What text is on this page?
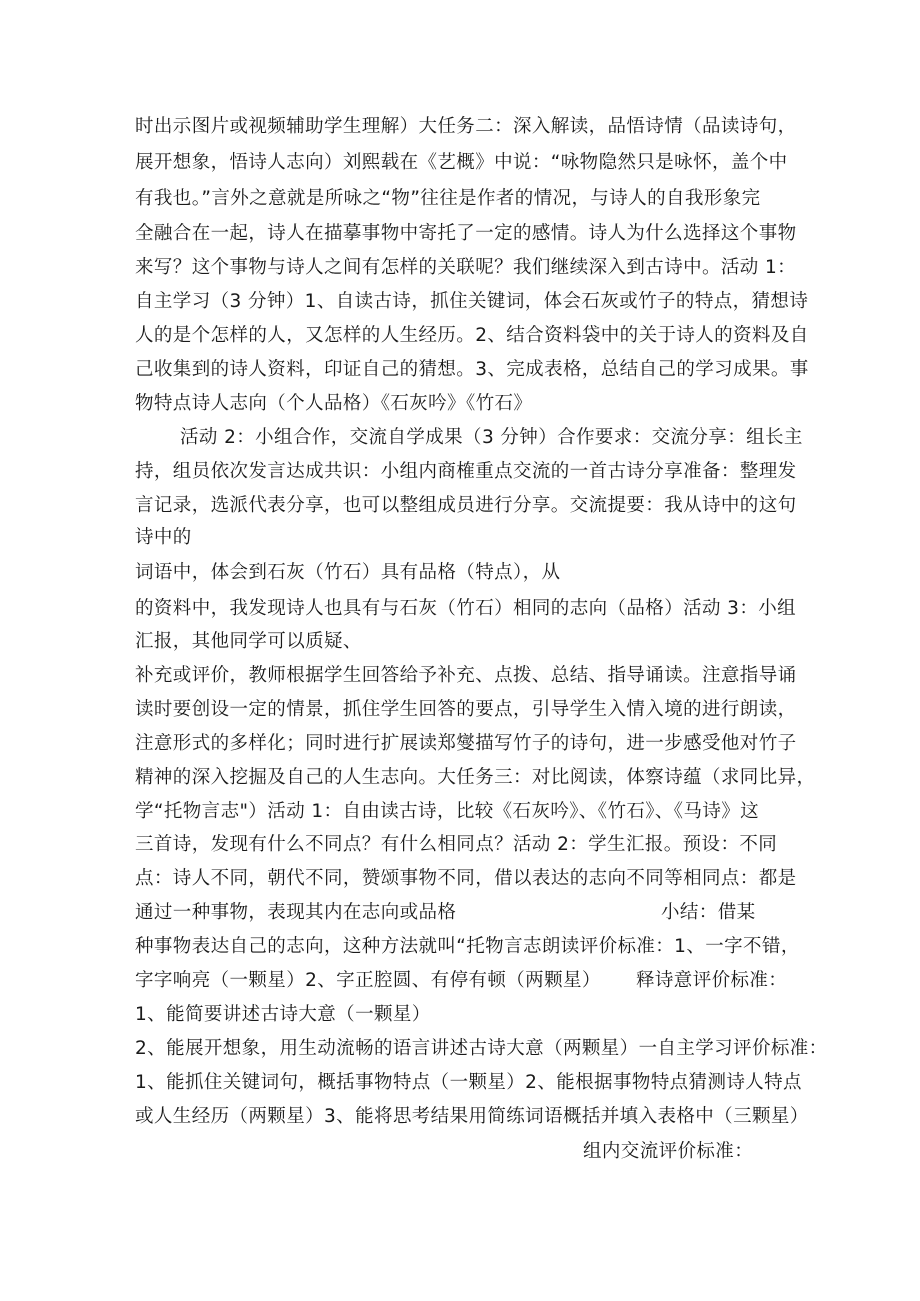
时出示图片或视频辅助学生理解）大任务二：深入解读，品悟诗情（品读诗句，
展开想象，悟诗人志向）刘熙载在《艺概》中说：“咏物隐然只是咏怀，盖个中
有我也。”言外之意就是所咏之“物”往往是作者的情况，与诗人的自我形象完
全融合在一起，诗人在描摹事物中寄托了一定的感情。诗人为什么选择这个事物
来写？这个事物与诗人之间有怎样的关联呢？我们继续深入到古诗中。活动 1：
自主学习（3 分钟）1、自读古诗，抓住关键词，体会石灰或竹子的特点，猜想诗
人的是个怎样的人，又怎样的人生经历。2、结合资料袋中的关于诗人的资料及自
己收集到的诗人资料，印证自己的猜想。3、完成表格，总结自己的学习成果。事
物特点诗人志向（个人品格）《石灰吟》《竹石》
活动 2：小组合作，交流自学成果（3 分钟）合作要求：交流分享：组长主
持，组员依次发言达成共识：小组内商榷重点交流的一首古诗分享准备：整理发
言记录，选派代表分享，也可以整组成员进行分享。交流提要：我从诗中的这句
诗中的
词语中，体会到石灰（竹石）具有品格（特点），从
的资料中，我发现诗人也具有与石灰（竹石）相同的志向（品格）活动 3：小组
汇报，其他同学可以质疑、
补充或评价，教师根据学生回答给予补充、点拨、总结、指导诵读。注意指导诵
读时要创设一定的情景，抓住学生回答的要点，引导学生入情入境的进行朗读，
注意形式的多样化；同时进行扩展读郑燮描写竹子的诗句，进一步感受他对竹子
精神的深入挖掘及自己的人生志向。大任务三：对比阅读，体察诗蕴（求同比异，
学“托物言志"）活动 1：自由读古诗，比较《石灰吟》、《竹石》、《马诗》这
三首诗，发现有什么不同点？有什么相同点？活动 2：学生汇报。预设：不同
点：诗人不同，朝代不同，赞颂事物不同，借以表达的志向不同等相同点：都是
通过一种事物，表现其内在志向或品格	小结：借某
种事物表达自己的志向，这种方法就叫“托物言志朗读评价标准：1、一字不错，
字字响亮（一颗星）2、字正腔圆、有停有顿（两颗星） 释诗意评价标准：
1、能简要讲述古诗大意（一颗星）
2、能展开想象，用生动流畅的语言讲述古诗大意（两颗星）一自主学习评价标准：
1、能抓住关键词句，概括事物特点（一颗星）2、能根据事物特点猜测诗人特点
或人生经历（两颗星）3、能将思考结果用简练词语概括并填入表格中（三颗星）
组内交流评价标准：
